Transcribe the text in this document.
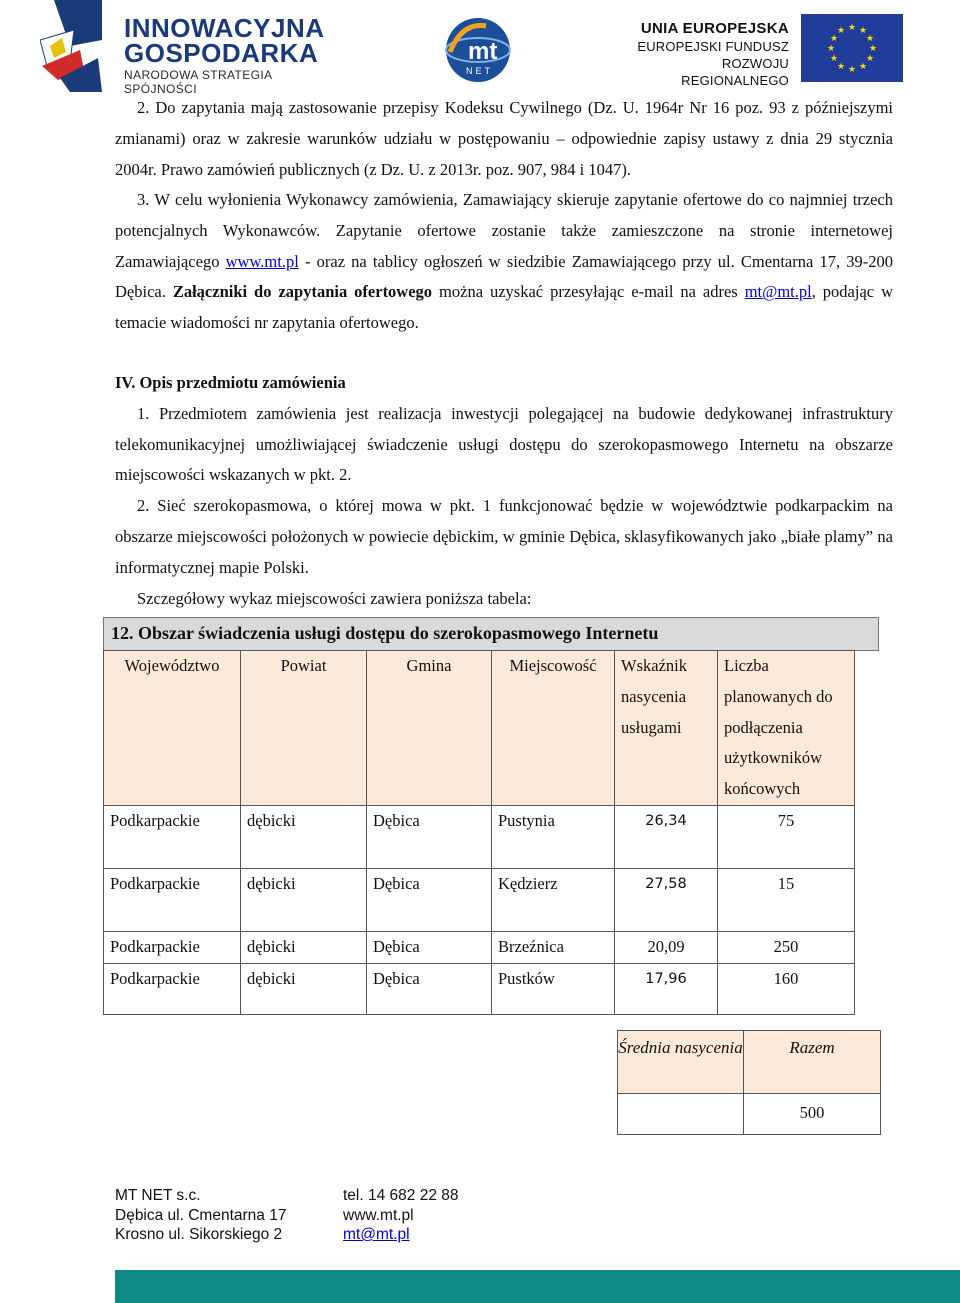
INNOWACYJNA
GOSPODARKA
NARODOWA STRATEGIA SPÓJNOŚCI
mt
NET
UNIA EUROPEJSKA
EUROPEJSKI FUNDUSZ
ROZWOJU REGIONALNEGO
★ ★
★
★
★
★
★
★
★
★
★
★

2. Do zapytania mają zastosowanie przepisy Kodeksu Cywilnego (Dz. U. 1964r Nr 16 poz. 93 z późniejszymi zmianami) oraz w zakresie warunków udziału w postępowaniu – odpowiednie zapisy ustawy z dnia 29 stycznia 2004r. Prawo zamówień publicznych (z Dz. U. z 2013r. poz. 907, 984 i 1047).

3. W celu wyłonienia Wykonawcy zamówienia, Zamawiający skieruje zapytanie ofertowe do co najmniej trzech potencjalnych Wykonawców. Zapytanie ofertowe zostanie także zamieszczone na stronie internetowej Zamawiającego www.mt.pl - oraz na tablicy ogłoszeń w siedzibie Zamawiającego przy ul. Cmentarna 17, 39-200 Dębica. Załączniki do zapytania ofertowego można uzyskać przesyłając e-mail na adres mt@mt.pl, podając w temacie wiadomości nr zapytania ofertowego.

IV. Opis przedmiotu zamówienia

1. Przedmiotem zamówienia jest realizacja inwestycji polegającej na budowie dedykowanej infrastruktury telekomunikacyjnej umożliwiającej świadczenie usługi dostępu do szerokopasmowego Internetu na obszarze miejscowości wskazanych w pkt. 2.

2. Sieć szerokopasmowa, o której mowa w pkt. 1 funkcjonować będzie w województwie podkarpackim na obszarze miejscowości położonych w powiecie dębickim, w gminie Dębica, sklasyfikowanych jako „białe plamy” na informatycznej mapie Polski.

Szczegółowy wykaz miejscowości zawiera poniższa tabela:

12. Obszar świadczenia usługi dostępu do szerokopasmowego Internetu
Województwo	Powiat	Gmina	Miejscowość	Wskaźnik nasycenia usługami	Liczba planowanych do podłączenia użytkowników końcowych
Podkarpackie	dębicki	Dębica	Pustynia	26,34	75
Podkarpackie	dębicki	Dębica	Kędzierz	27,58	15
Podkarpackie	dębicki	Dębica	Brzeźnica	20,09	250
Podkarpackie	dębicki	Dębica	Pustków	17,96	160
Średnia nasycenia	Razem
	500
MT NET s.c.
Dębica ul. Cmentarna 17
Krosno ul. Sikorskiego 2
tel. 14 682 22 88
www.mt.pl
mt@mt.pl
